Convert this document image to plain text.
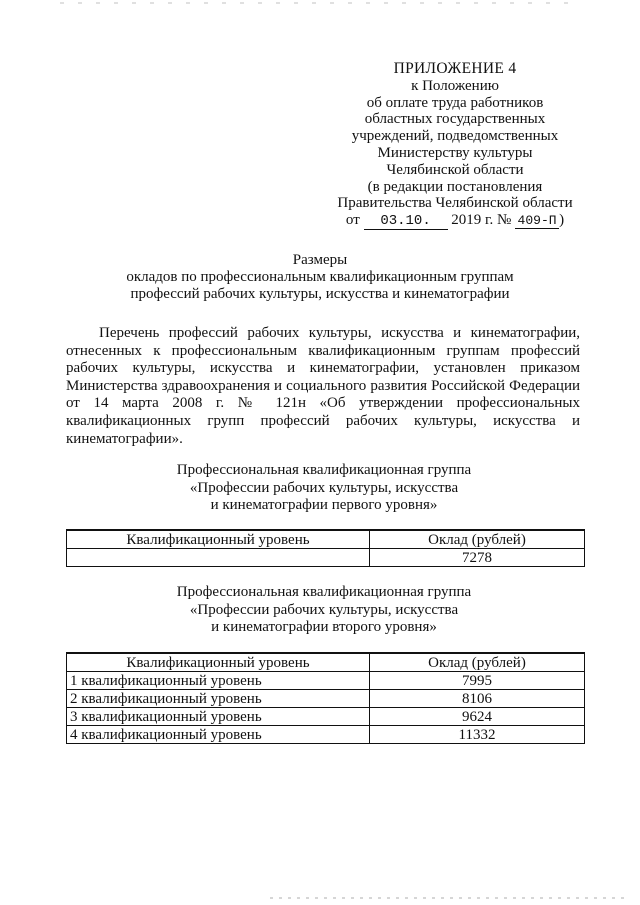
ПРИЛОЖЕНИЕ 4
к Положению
об оплате труда работников
областных государственных
учреждений, подведомственных
Министерству культуры
Челябинской области
(в редакции постановления
Правительства Челябинской области
от 03.10. 2019 г. № 409-П )
Размеры
окладов по профессиональным квалификационным группам
профессий рабочих культуры, искусства и кинематографии
Перечень профессий рабочих культуры, искусства и кинематографии, отнесенных к профессиональным квалификационным группам профессий рабочих культуры, искусства и кинематографии, установлен приказом Министерства здравоохранения и социального развития Российской Федерации от 14 марта 2008 г. № 121н «Об утверждении профессиональных квалификационных групп профессий рабочих культуры, искусства и кинематографии».
Профессиональная квалификационная группа
«Профессии рабочих культуры, искусства
и кинематографии первого уровня»
Квалификационный уровень	Оклад (рублей)
	7278
Профессиональная квалификационная группа
«Профессии рабочих культуры, искусства
и кинематографии второго уровня»
Квалификационный уровень	Оклад (рублей)
1 квалификационный уровень	7995
2 квалификационный уровень	8106
3 квалификационный уровень	9624
4 квалификационный уровень	11332
